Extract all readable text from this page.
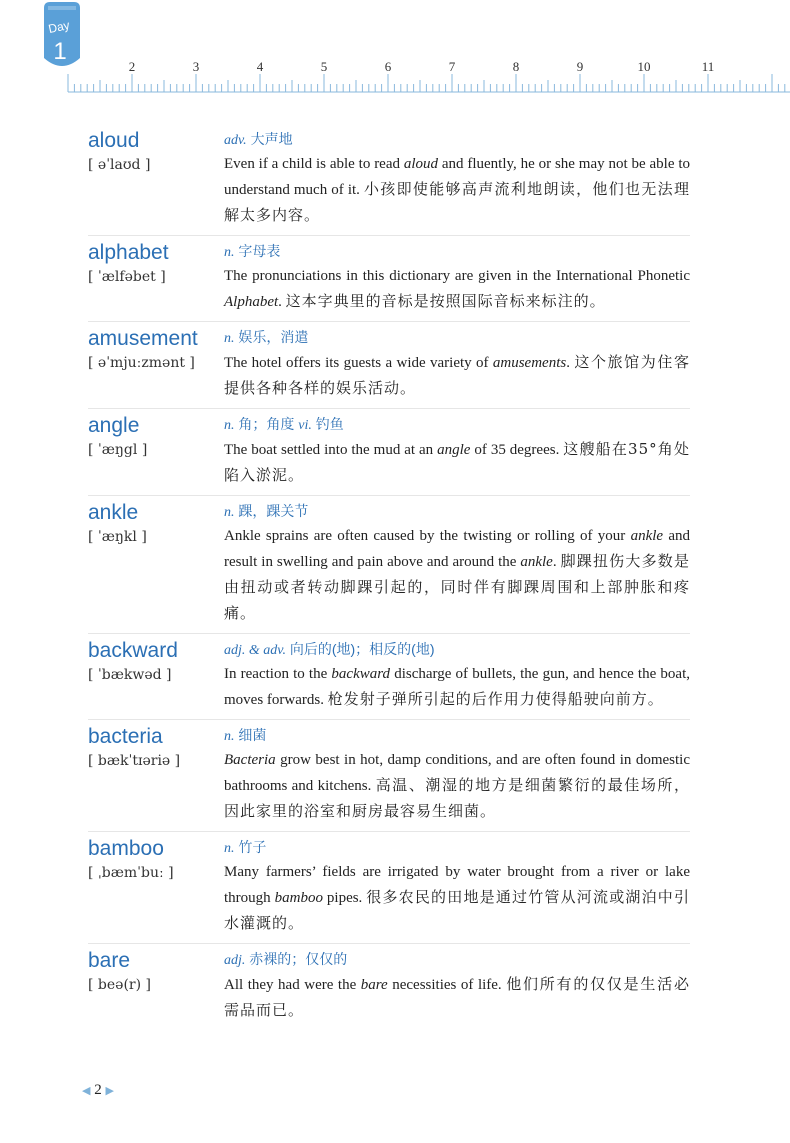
2	3	4	5	6	7	8	9	10	11
Day
1
aloud
[ əˈlaʊd ]
adv. 大声地
Even if a child is able to read aloud and fluently, he or she may not be able to understand much of it. 小孩即使能够高声流利地朗读，他们也无法理解太多内容。
alphabet
[ ˈælfəbet ]
n. 字母表
The pronunciations in this dictionary are given in the International Phonetic Alphabet. 这本字典里的音标是按照国际音标来标注的。
amusement
[ əˈmjuːzmənt ]
n. 娱乐，消遣
The hotel offers its guests a wide variety of amusements. 这个旅馆为住客提供各种各样的娱乐活动。
angle
[ ˈæŋgl ]
n. 角；角度 vi. 钓鱼
The boat settled into the mud at an angle of 35 degrees. 这艘船在35°角处陷入淤泥。
ankle
[ ˈæŋkl ]
n. 踝，踝关节
Ankle sprains are often caused by the twisting or rolling of your ankle and result in swelling and pain above and around the ankle. 脚踝扭伤大多数是由扭动或者转动脚踝引起的，同时伴有脚踝周围和上部肿胀和疼痛。
backward
[ ˈbækwəd ]
adj. & adv. 向后的(地)；相反的(地)
In reaction to the backward discharge of bullets, the gun, and hence the boat, moves forwards. 枪发射子弹所引起的后作用力使得船驶向前方。
bacteria
[ bækˈtɪəriə ]
n. 细菌
Bacteria grow best in hot, damp conditions, and are often found in domestic bathrooms and kitchens. 高温、潮湿的地方是细菌繁衍的最佳场所，因此家里的浴室和厨房最容易生细菌。
bamboo
[ ˌbæmˈbuː ]
n. 竹子
Many farmers’ fields are irrigated by water brought from a river or lake through bamboo pipes. 很多农民的田地是通过竹管从河流或湖泊中引水灌溉的。
bare
[ beə(r) ]
adj. 赤裸的；仅仅的
All they had were the bare necessities of life. 他们所有的仅仅是生活必需品而已。
◀ 2 ▶
